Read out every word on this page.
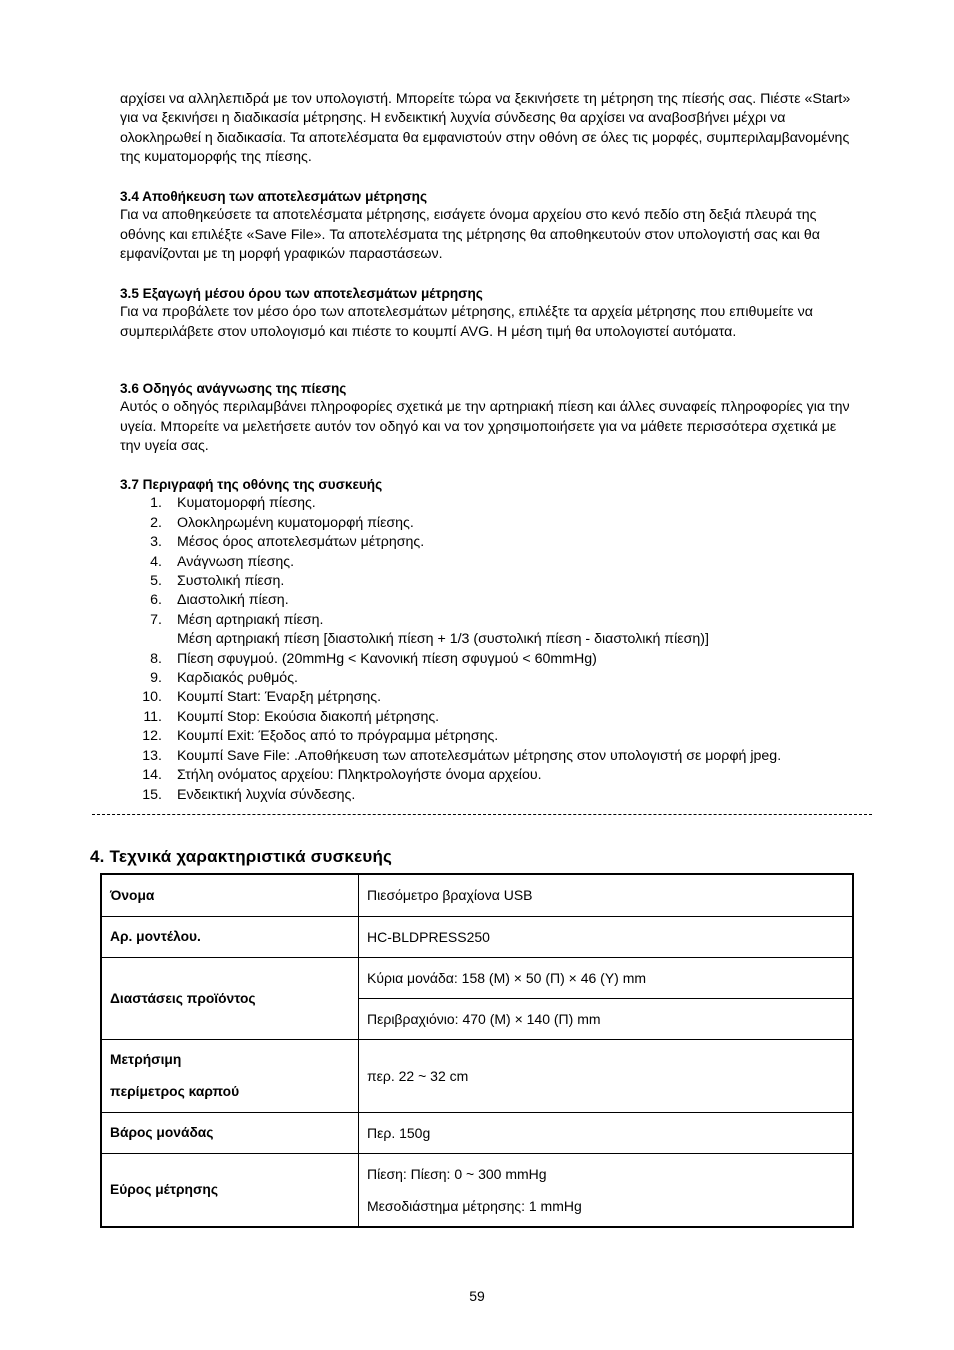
αρχίσει να αλληλεπιδρά με τον υπολογιστή. Μπορείτε τώρα να ξεκινήσετε τη μέτρηση της πίεσής σας. Πιέστε «Start» για να ξεκινήσει η διαδικασία μέτρησης. Η ενδεικτική λυχνία σύνδεσης θα αρχίσει να αναβοσβήνει μέχρι να ολοκληρωθεί η διαδικασία. Τα αποτελέσματα θα εμφανιστούν στην οθόνη σε όλες τις μορφές, συμπεριλαμβανομένης της κυματομορφής της πίεσης.

3.4 Αποθήκευση των αποτελεσμάτων μέτρησης

Για να αποθηκεύσετε τα αποτελέσματα μέτρησης, εισάγετε όνομα αρχείου στο κενό πεδίο στη δεξιά πλευρά της οθόνης και επιλέξτε «Save File». Τα αποτελέσματα της μέτρησης θα αποθηκευτούν στον υπολογιστή σας και θα εμφανίζονται με τη μορφή γραφικών παραστάσεων.

3.5 Εξαγωγή μέσου όρου των αποτελεσμάτων μέτρησης

Για να προβάλετε τον μέσο όρο των αποτελεσμάτων μέτρησης, επιλέξτε τα αρχεία μέτρησης που επιθυμείτε να συμπεριλάβετε στον υπολογισμό και πιέστε το κουμπί AVG. Η μέση τιμή θα υπολογιστεί αυτόματα.

3.6 Οδηγός ανάγνωσης της πίεσης

Αυτός ο οδηγός περιλαμβάνει πληροφορίες σχετικά με την αρτηριακή πίεση και άλλες συναφείς πληροφορίες για την υγεία. Μπορείτε να μελετήσετε αυτόν τον οδηγό και να τον χρησιμοποιήσετε για να μάθετε περισσότερα σχετικά με την υγεία σας.

3.7 Περιγραφή της οθόνης της συσκευής
1. Κυματομορφή πίεσης.
2. Ολοκληρωμένη κυματομορφή πίεσης.
3. Μέσος όρος αποτελεσμάτων μέτρησης.
4. Ανάγνωση πίεσης.
5. Συστολική πίεση.
6. Διαστολική πίεση.
7. Μέση αρτηριακή πίεση.
Μέση αρτηριακή πίεση [διαστολική πίεση + 1/3 (συστολική πίεση - διαστολική πίεση)]
8. Πίεση σφυγμού. (20mmHg < Κανονική πίεση σφυγμού < 60mmHg)
9. Καρδιακός ρυθμός.
10. Κουμπί Start: Έναρξη μέτρησης.
11. Κουμπί Stop: Εκούσια διακοπή μέτρησης.
12. Κουμπί Exit: Έξοδος από το πρόγραμμα μέτρησης.
13. Κουμπί Save File: .Αποθήκευση των αποτελεσμάτων μέτρησης στον υπολογιστή σε μορφή jpeg.
14. Στήλη ονόματος αρχείου: Πληκτρολογήστε όνομα αρχείου.
15. Ενδεικτική λυχνία σύνδεσης.
4. Τεχνικά χαρακτηριστικά συσκευής
Όνομα	Πιεσόμετρο βραχίονα USB
Αρ. μοντέλου.	HC-BLDPRESS250
Διαστάσεις προϊόντος	Κύρια μονάδα: 158 (Μ) × 50 (Π) × 46 (Υ) mm
	Περιβραχιόνιο: 470 (Μ) × 140 (Π) mm

Μετρήσιμη
περίμετρος καρπού	περ. 22 ~ 32 cm
Βάρος μονάδας	Περ. 150g
Εύρος μέτρησης	Πίεση: Πίεση: 0 ~ 300 mmHg
Μεσοδιάστημα μέτρησης: 1 mmHg
59
